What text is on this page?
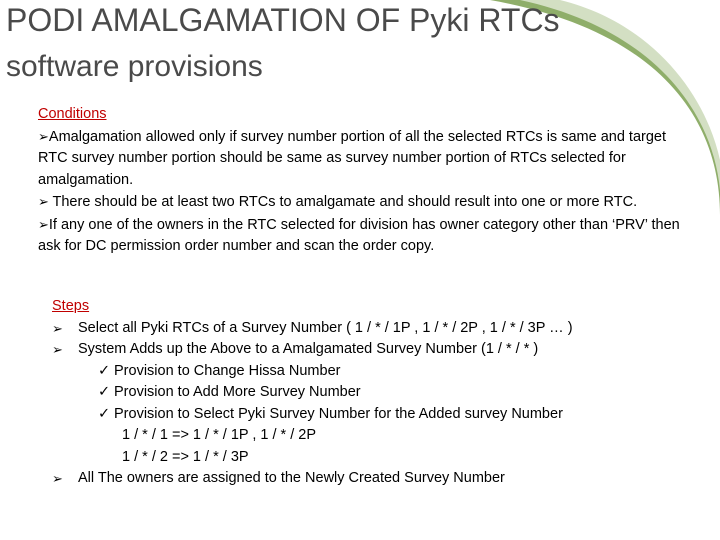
PODI AMALGAMATION OF Pyki RTCs
software provisions
Conditions
➢Amalgamation allowed only if survey number portion of all the selected RTCs is same and target RTC survey number portion should be same as survey number portion of RTCs selected for amalgamation.
➢ There should be at least two RTCs to amalgamate and should result into one or more RTC.
➢If any one of the owners in the RTC selected for division has owner category other than ‘PRV’ then ask for DC permission order number and scan the order copy.
Steps
➢	Select all Pyki RTCs of a Survey Number ( 1 / * / 1P , 1 / * / 2P , 1 / * / 3P … )
➢	System Adds up the Above to a Amalgamated Survey Number (1 / * / * )
✓ Provision to Change Hissa Number
✓ Provision to Add More Survey Number
✓ Provision to Select Pyki Survey Number for the Added survey Number
1 / * / 1 => 1 / * / 1P , 1 / * / 2P
1 / * / 2 => 1 / * / 3P
➢	All The owners are assigned to the Newly Created Survey Number
